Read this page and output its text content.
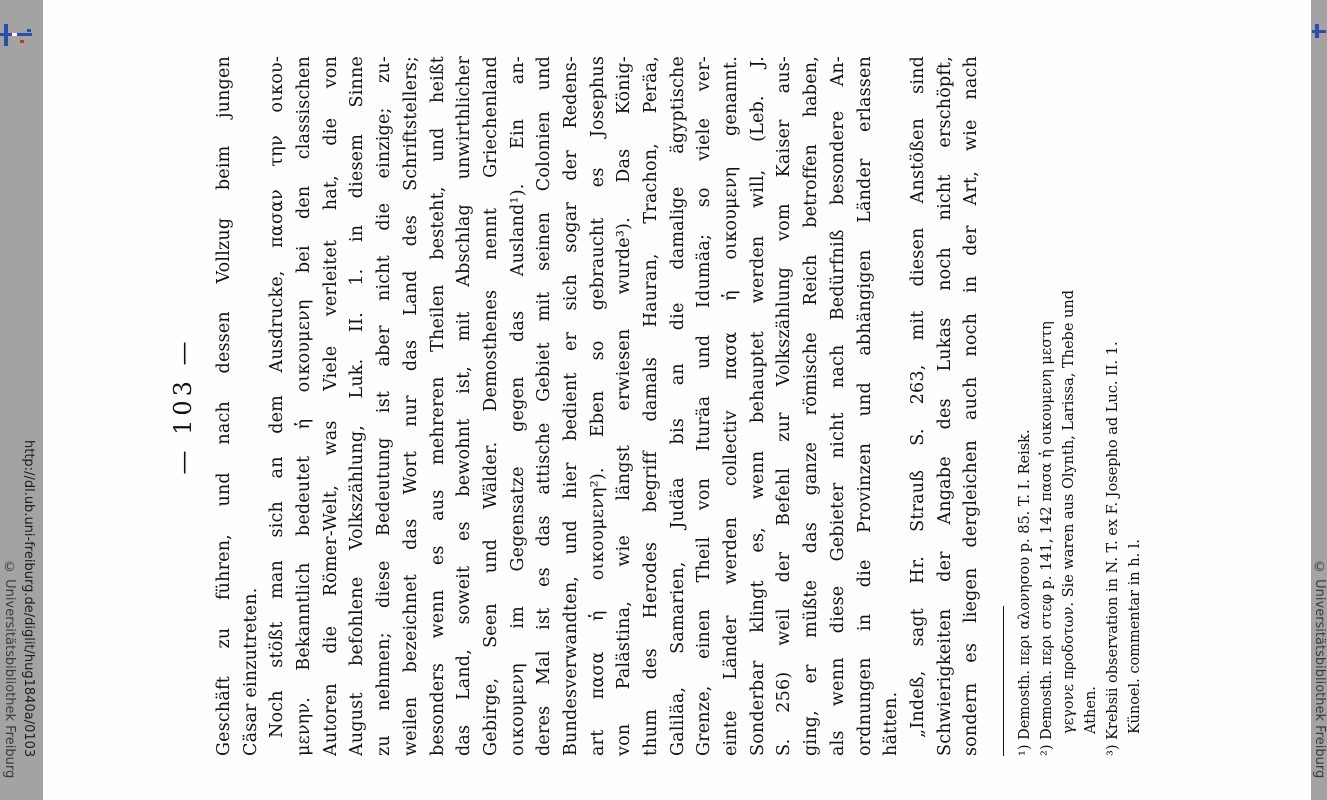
http://dl.ub.uni-freiburg.de/diglit/hug1840a/0103
© Universitätsbibliothek Freiburg	© Universitätsbibliothek Freiburg
— 103 — Geschäft zu führen, und nach dessen Vollzug beim jungen Cäsar einzutreten. Noch stößt man sich an dem Ausdrucke, πασαν την οικου- μενην. Bekanntlich bedeutet ἡ οικουμενη bei den classischen Autoren die Römer-Welt, was Viele verleitet hat, die von August befohlene Volkszählung, Luk. II. 1. in diesem Sinne zu nehmen; diese Bedeutung ist aber nicht die einzige; zu- weilen bezeichnet das Wort nur das Land des Schriftstellers; besonders wenn es aus mehreren Theilen besteht, und heißt das Land, soweit es bewohnt ist, mit Abschlag unwirthlicher Gebirge, Seen und Wälder. Demosthenes nennt Griechenland οικουμενη im Gegensatze gegen das Ausland¹). Ein an- deres Mal ist es das attische Gebiet mit seinen Colonien und Bundesverwandten, und hier bedient er sich sogar der Redens- art πασα ἡ οικουμενη²). Eben so gebraucht es Josephus von Palästina, wie längst erwiesen wurde³). Das König- thum des Herodes begriff damals Hauran, Trachon, Peräa, Galiläa, Samarien, Judäa bis an die damalige ägyptische Grenze, einen Theil von Ituräa und Idumäa; so viele ver- einte Länder werden collectiv πασα ἡ οικουμενη genannt. Sonderbar klingt es, wenn behauptet werden will, (Leb. J. S. 256) weil der Befehl zur Volkszählung vom Kaiser aus- ging, er müßte das ganze römische Reich betroffen haben, als wenn diese Gebieter nicht nach Bedürfniß besondere An- ordnungen in die Provinzen und abhängigen Länder erlassen hätten. „Indeß, sagt Hr. Strauß S. 263, mit diesen Anstößen sind Schwierigkeiten der Angabe des Lukas noch nicht erschöpft, sondern es liegen dergleichen auch noch in der Art, wie nach ¹) Demosth. περι αλονησου p. 85. T. I. Reisk. ²) Demosth. περι στεφ p. 141, 142 πασα ἡ οικουμενη μεστη γεγονε προδοτων. Sie waren aus Olynth, Larissa, Thebe und Athen. ³) Krebsii observation in N. T. ex F. Josepho ad Luc. II. 1. Künoel. commentar in h. l.
